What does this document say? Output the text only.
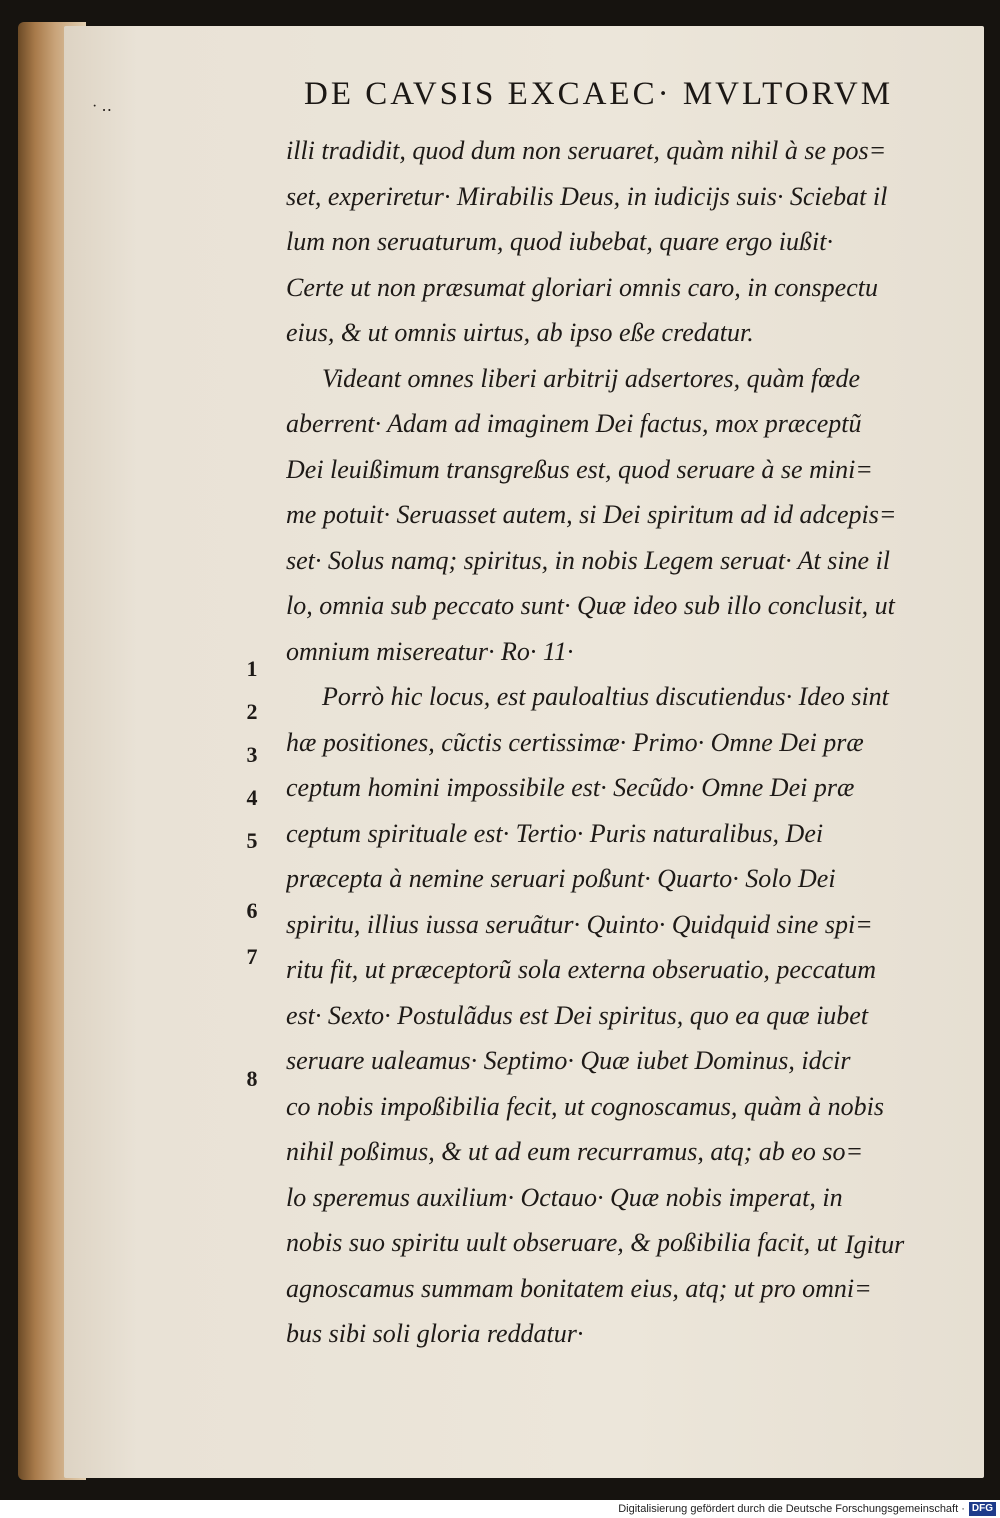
· ‥	DE CAVSIS EXCAEC· MVLTORVM
illi tradidit, quod dum non seruaret, quàm nihil à se pos=
set, experiretur· Mirabilis Deus, in iudicijs suis· Sciebat il
lum non seruaturum, quod iubebat, quare ergo iußit·
Certe ut non præsumat gloriari omnis caro, in conspectu
eius, & ut omnis uirtus, ab ipso eße credatur.
Videant omnes liberi arbitrij adsertores, quàm fœde
aberrent· Adam ad imaginem Dei factus, mox præceptũ
Dei leuißimum transgreßus est, quod seruare à se mini=
me potuit· Seruasset autem, si Dei spiritum ad id adcepis=
set· Solus namq; spiritus, in nobis Legem seruat· At sine il
lo, omnia sub peccato sunt· Quæ ideo sub illo conclusit, ut
omnium misereatur· Ro· 11·
Porrò hic locus, est pauloaltius discutiendus· Ideo sint
hæ positiones, cũctis certissimæ· Primo· Omne Dei præ
ceptum homini impossibile est· Secũdo· Omne Dei præ
ceptum spirituale est· Tertio· Puris naturalibus, Dei
præcepta à nemine seruari poßunt· Quarto· Solo Dei
spiritu, illius iussa seruãtur· Quinto· Quidquid sine spi=
ritu fit, ut præceptorũ sola externa obseruatio, peccatum
est· Sexto· Postulãdus est Dei spiritus, quo ea quæ iubet
seruare ualeamus· Septimo· Quæ iubet Dominus, idcir
co nobis impoßibilia fecit, ut cognoscamus, quàm à nobis
nihil poßimus, & ut ad eum recurramus, atq; ab eo so=
lo speremus auxilium· Octauo· Quæ nobis imperat, in
nobis suo spiritu uult obseruare, & poßibilia facit, ut
agnoscamus summam bonitatem eius, atq; ut pro omni=
bus sibi soli gloria reddatur·
1
2
3
4
5
6
7
8
Igitur
Digitalisierung gefördert durch die Deutsche Forschungsgemeinschaft · DFG
